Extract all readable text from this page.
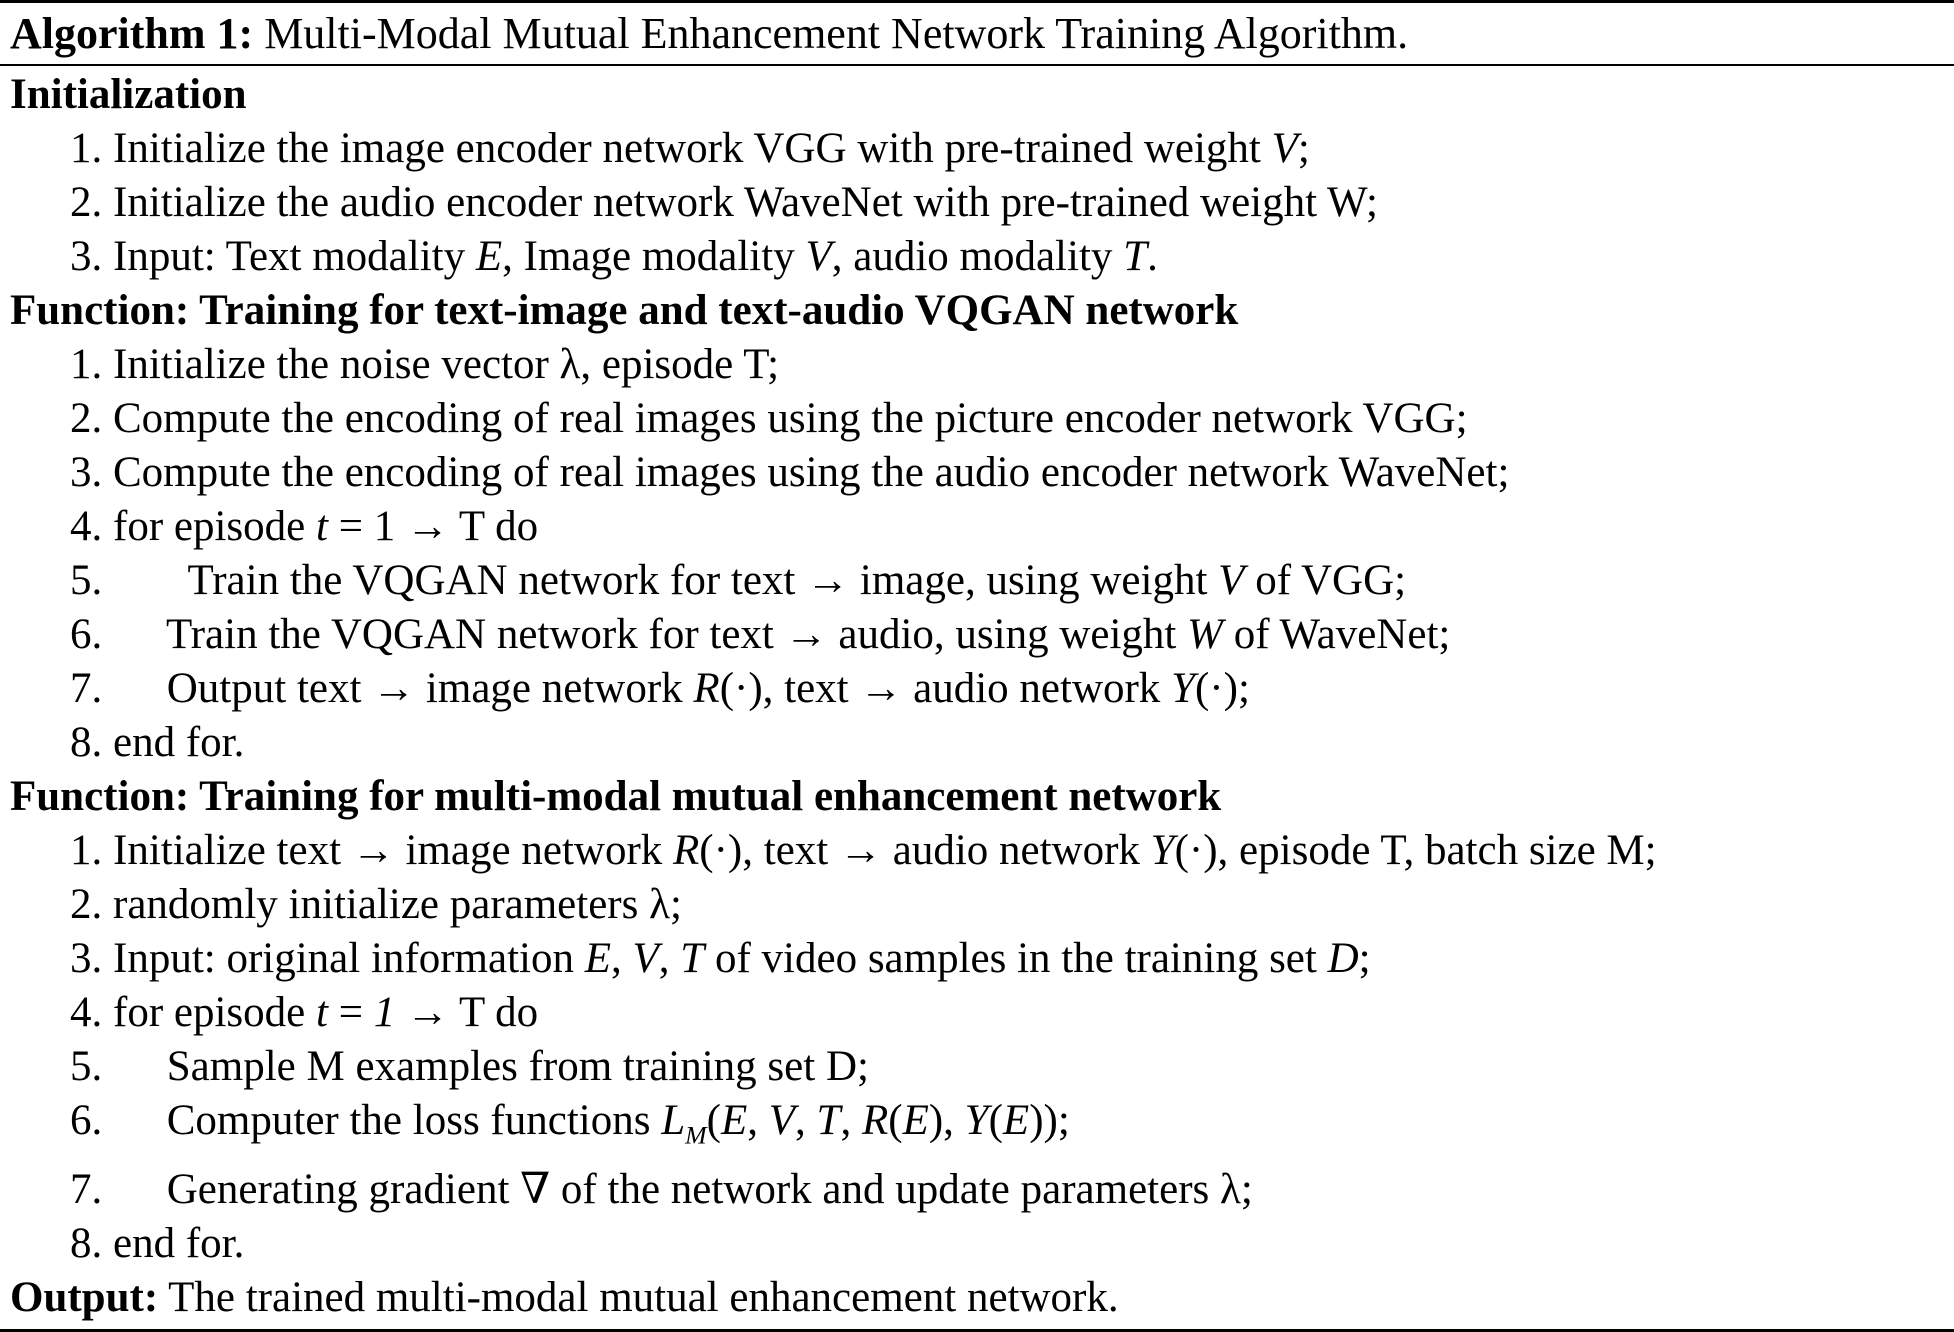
Algorithm 1: Multi-Modal Mutual Enhancement Network Training Algorithm.
Initialization
1. Initialize the image encoder network VGG with pre-trained weight V;
2. Initialize the audio encoder network WaveNet with pre-trained weight W;
3. Input: Text modality E, Image modality V, audio modality T.
Function: Training for text-image and text-audio VQGAN network
1. Initialize the noise vector λ, episode T;
2. Compute the encoding of real images using the picture encoder network VGG;
3. Compute the encoding of real images using the audio encoder network WaveNet;
4. for episode t = 1 → T do
5.        Train the VQGAN network for text → image, using weight V of VGG;
6.      Train the VQGAN network for text → audio, using weight W of WaveNet;
7.      Output text → image network R(·), text → audio network Y(·);
8. end for.
Function: Training for multi-modal mutual enhancement network
1. Initialize text → image network R(·), text → audio network Y(·), episode T, batch size M;
2. randomly initialize parameters λ;
3. Input: original information E, V, T of video samples in the training set D;
4. for episode t = 1 → T do
5.      Sample M examples from training set D;
6.      Computer the loss functions $L_M(E$, V, T, R(E), Y(E));
7.      Generating gradient ∇ of the network and update parameters λ;
8. end for.
Output: The trained multi-modal mutual enhancement network.
